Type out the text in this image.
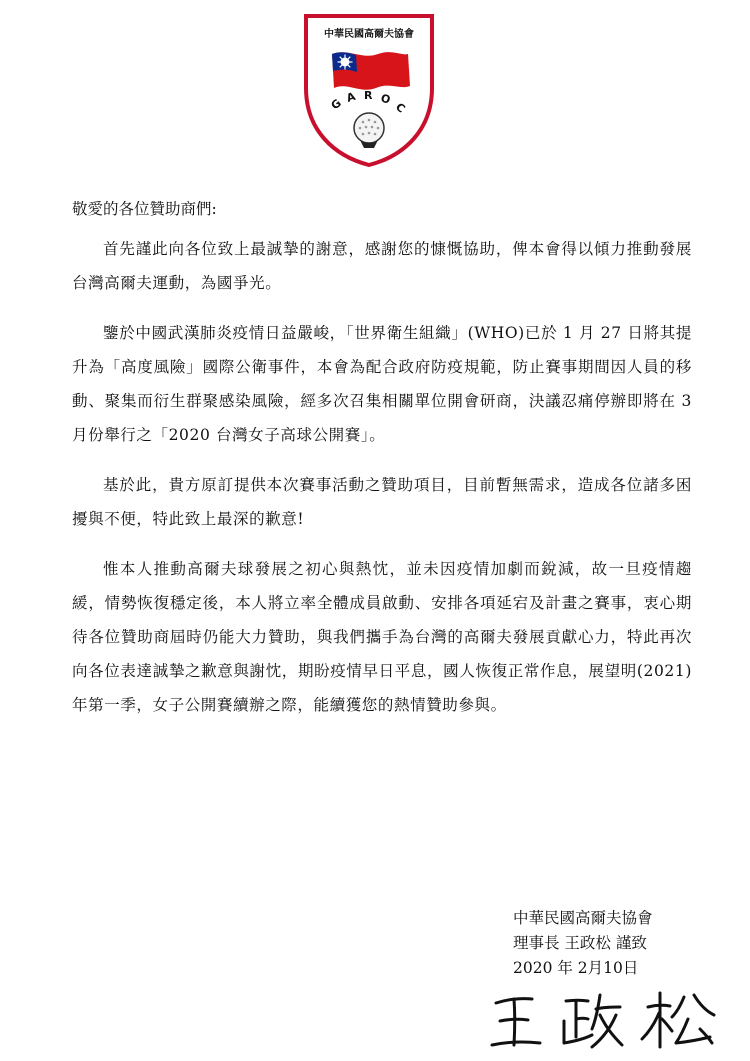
中華民國高爾夫協會
G A R O
C

敬愛的各位贊助商們:

首先謹此向各位致上最誠摯的謝意，感謝您的慷慨協助，俾本會得以傾力推動發展台灣高爾夫運動，為國爭光。

鑒於中國武漢肺炎疫情日益嚴峻，「世界衛生組織」(WHO)已於 1 月 27 日將其提升為「高度風險」國際公衛事件，本會為配合政府防疫規範，防止賽事期間因人員的移動、聚集而衍生群聚感染風險，經多次召集相關單位開會研商，決議忍痛停辦即將在 3 月份舉行之「2020 台灣女子高球公開賽」。

基於此，貴方原訂提供本次賽事活動之贊助項目，目前暫無需求，造成各位諸多困擾與不便，特此致上最深的歉意!

惟本人推動高爾夫球發展之初心與熱忱，並未因疫情加劇而銳減，故一旦疫情趨緩，情勢恢復穩定後，本人將立率全體成員啟動、安排各項延宕及計畫之賽事，衷心期待各位贊助商屆時仍能大力贊助，與我們攜手為台灣的高爾夫發展貢獻心力，特此再次向各位表達誠摯之歉意與謝忱，期盼疫情早日平息，國人恢復正常作息，展望明(2021)年第一季，女子公開賽續辦之際，能續獲您的熱情贊助參與。

中華民國高爾夫協會
理事長 王政松 謹致
2020 年 2月10日
